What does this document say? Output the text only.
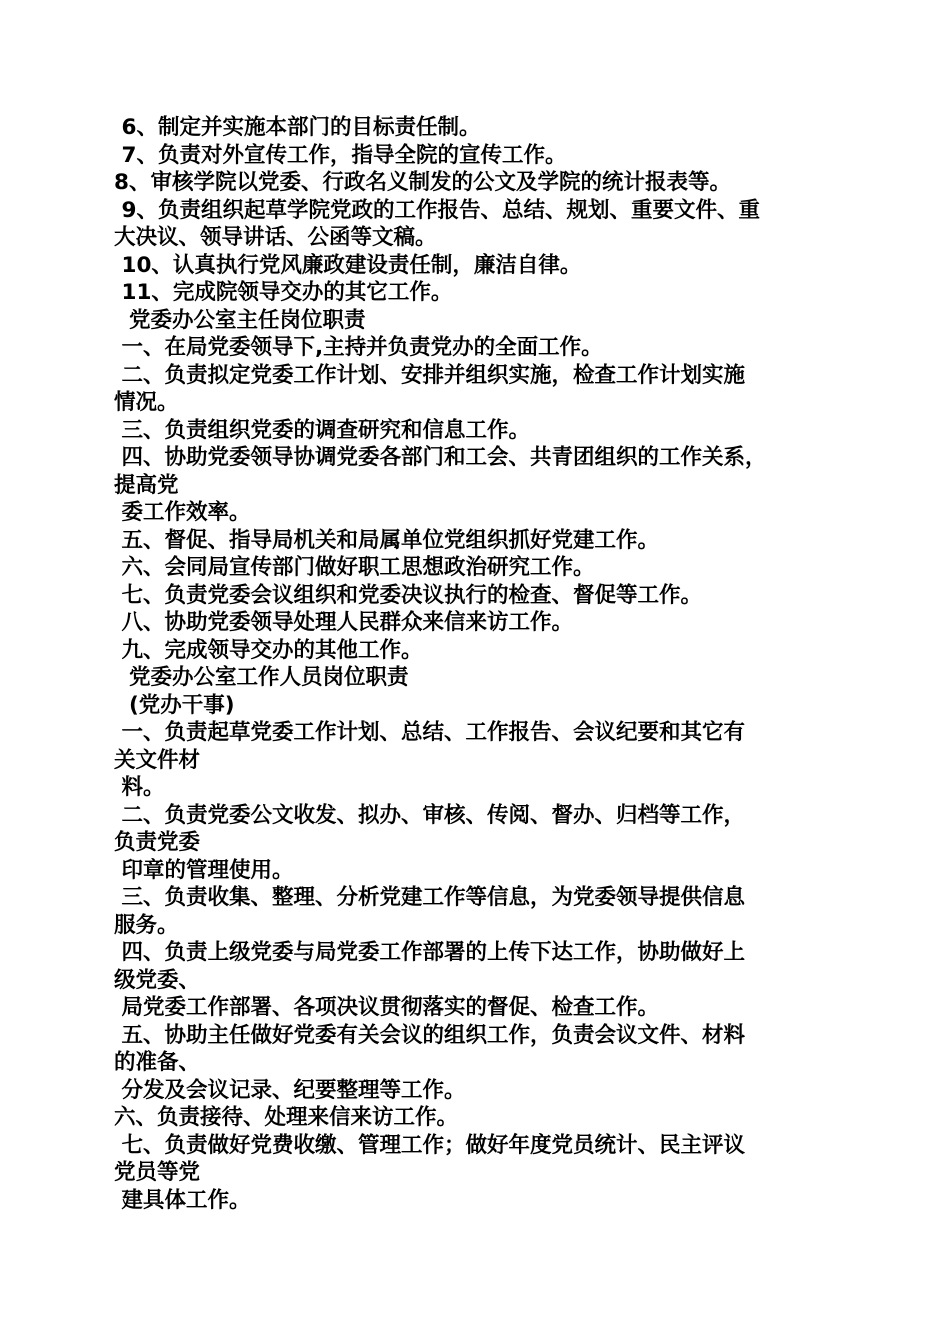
6、制定并实施本部门的目标责任制。
7、负责对外宣传工作，指导全院的宣传工作。
8、审核学院以党委、行政名义制发的公文及学院的统计报表等。
9、负责组织起草学院党政的工作报告、总结、规划、重要文件、重
大决议、领导讲话、公函等文稿。
10、认真执行党风廉政建设责任制，廉洁自律。
11、完成院领导交办的其它工作。
党委办公室主任岗位职责
一、在局党委领导下,主持并负责党办的全面工作。
二、负责拟定党委工作计划、安排并组织实施，检查工作计划实施
情况。
三、负责组织党委的调查研究和信息工作。
四、协助党委领导协调党委各部门和工会、共青团组织的工作关系，
提高党
委工作效率。
五、督促、指导局机关和局属单位党组织抓好党建工作。
六、会同局宣传部门做好职工思想政治研究工作。
七、负责党委会议组织和党委决议执行的检查、督促等工作。
八、协助党委领导处理人民群众来信来访工作。
九、完成领导交办的其他工作。
党委办公室工作人员岗位职责
(党办干事)
一、负责起草党委工作计划、总结、工作报告、会议纪要和其它有
关文件材
料。
二、负责党委公文收发、拟办、审核、传阅、督办、归档等工作，
负责党委
印章的管理使用。
三、负责收集、整理、分析党建工作等信息，为党委领导提供信息
服务。
四、负责上级党委与局党委工作部署的上传下达工作，协助做好上
级党委、
局党委工作部署、各项决议贯彻落实的督促、检查工作。
五、协助主任做好党委有关会议的组织工作，负责会议文件、材料
的准备、
分发及会议记录、纪要整理等工作。
六、负责接待、处理来信来访工作。
七、负责做好党费收缴、管理工作；做好年度党员统计、民主评议
党员等党
建具体工作。
